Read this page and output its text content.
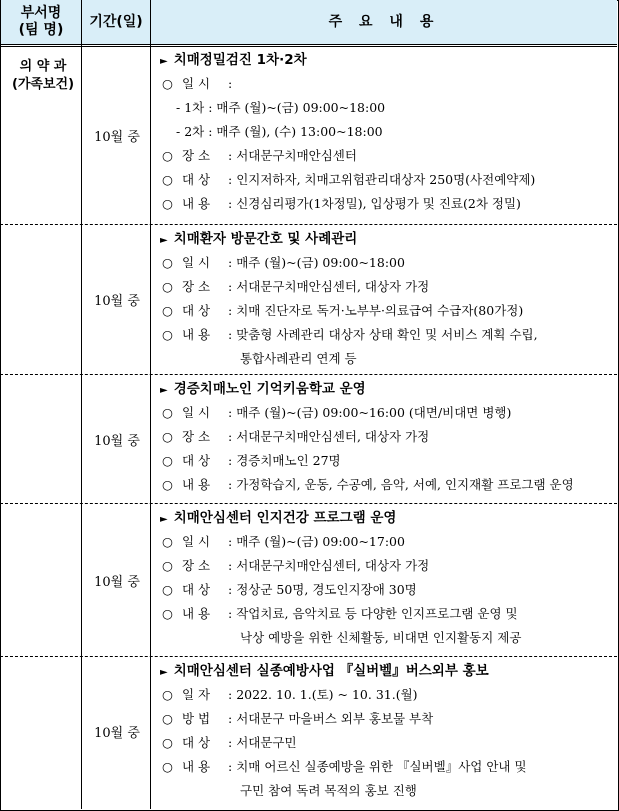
부서명
(팀 명)
기간(일)	주 요 내 용
의 약 과
(가족보건)
10월 중
10월 중
10월 중
10월 중
10월 중
► 치매정밀검진 1차·2차
○ 일 시 :
- 1차 : 매주 (월)~(금) 09:00~18:00
- 2차 : 매주 (월), (수) 13:00~18:00
○ 장 소 : 서대문구치매안심센터
○ 대 상 : 인지저하자, 치매고위험관리대상자 250명(사전예약제)
○ 내 용 : 신경심리평가(1차정밀), 입상평가 및 진료(2차 정밀)
► 치매환자 방문간호 및 사례관리
○ 일 시 : 매주 (월)~(금) 09:00~18:00
○ 장 소 : 서대문구치매안심센터, 대상자 가정
○ 대 상 : 치매 진단자로 독거·노부부·의료급여 수급자(80가정)
○ 내 용 : 맞춤형 사례관리 대상자 상태 확인 및 서비스 계획 수립,
통합사례관리 연계 등
► 경증치매노인 기억키움학교 운영
○ 일 시 : 매주 (월)~(금) 09:00~16:00 (대면/비대면 병행)
○ 장 소 : 서대문구치매안심센터, 대상자 가정
○ 대 상 : 경증치매노인 27명
○ 내 용 : 가정학습지, 운동, 수공예, 음악, 서예, 인지재활 프로그램 운영
► 치매안심센터 인지건강 프로그램 운영
○ 일 시 : 매주 (월)~(금) 09:00~17:00
○ 장 소 : 서대문구치매안심센터, 대상자 가정
○ 대 상 : 정상군 50명, 경도인지장애 30명
○ 내 용 : 작업치료, 음악치료 등 다양한 인지프로그램 운영 및
낙상 예방을 위한 신체활동, 비대면 인지활동지 제공
► 치매안심센터 실종예방사업 『실버벨』버스외부 홍보
○ 일 자 : 2022. 10. 1.(토) ~ 10. 31.(월)
○ 방 법 : 서대문구 마을버스 외부 홍보물 부착
○ 대 상 : 서대문구민
○ 내 용 : 치매 어르신 실종예방을 위한 『실버벨』사업 안내 및
구민 참여 독려 목적의 홍보 진행
